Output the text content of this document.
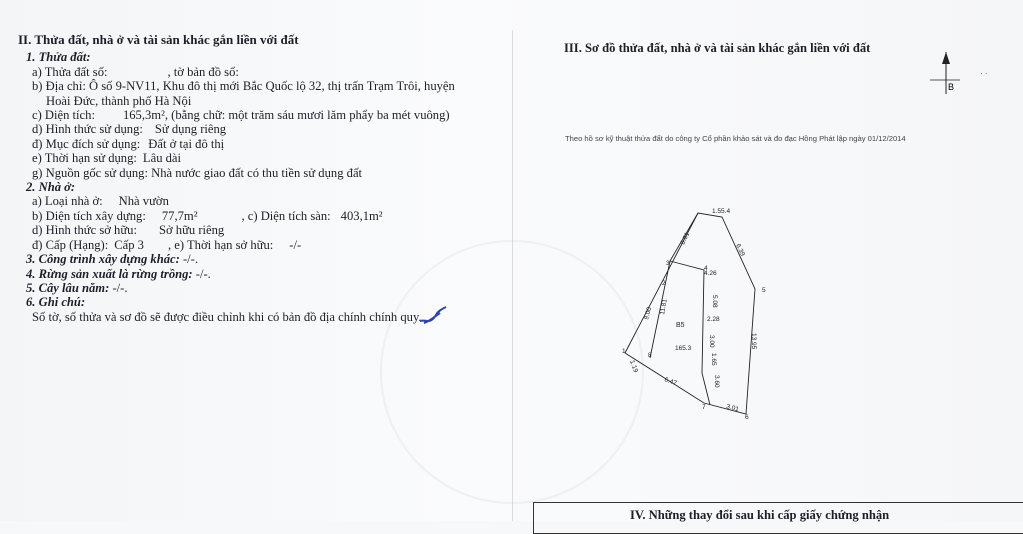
II. Thửa đất, nhà ở và tài sản khác gắn liền với đất
1. Thửa đất:
a) Thửa đất số:	, tờ bản đồ số:
b) Địa chỉ: Ô số 9-NV11, Khu đô thị mới Bắc Quốc lộ 32, thị trấn Trạm Trôi, huyện
Hoài Đức, thành phố Hà Nội
c) Diện tích: 165,3m², (bằng chữ: một trăm sáu mươi lăm phẩy ba mét vuông)
d) Hình thức sử dụng: Sử dụng riêng
đ) Mục đích sử dụng: Đất ở tại đô thị
e) Thời hạn sử dụng: Lâu dài
g) Nguồn gốc sử dụng: Nhà nước giao đất có thu tiền sử dụng đất
2. Nhà ở:
a) Loại nhà ở: Nhà vườn
b) Diện tích xây dựng: 77,7m²	, c) Diện tích sàn: 403,1m²
d) Hình thức sở hữu: Sở hữu riêng
đ) Cấp (Hạng): Cấp 3 , e) Thời hạn sở hữu: -/-
3. Công trình xây dựng khác: -/-.
4. Rừng sản xuất là rừng trồng: -/-.
5. Cây lâu năm: -/-.
6. Ghi chú:
Số tờ, số thửa và sơ đồ sẽ được điều chỉnh khi có bản đồ địa chính chính quy.
III. Sơ đồ thửa đất, nhà ở và tài sản khác gắn liền với đất
B
· ·
Theo hồ sơ kỹ thuật thửa đất do công ty Cổ phần khảo sát và đo đạc Hồng Phát lập ngày 01/12/2014
1.55.4
6.39
8.61
4.26
5.08
2.28
3.00
1.65
3.60
9.00 11.81
13.95
6.47
3.01
1.19
B5
165.3
1
2
3
4
5
6
7
8
IV. Những thay đổi sau khi cấp giấy chứng nhận
